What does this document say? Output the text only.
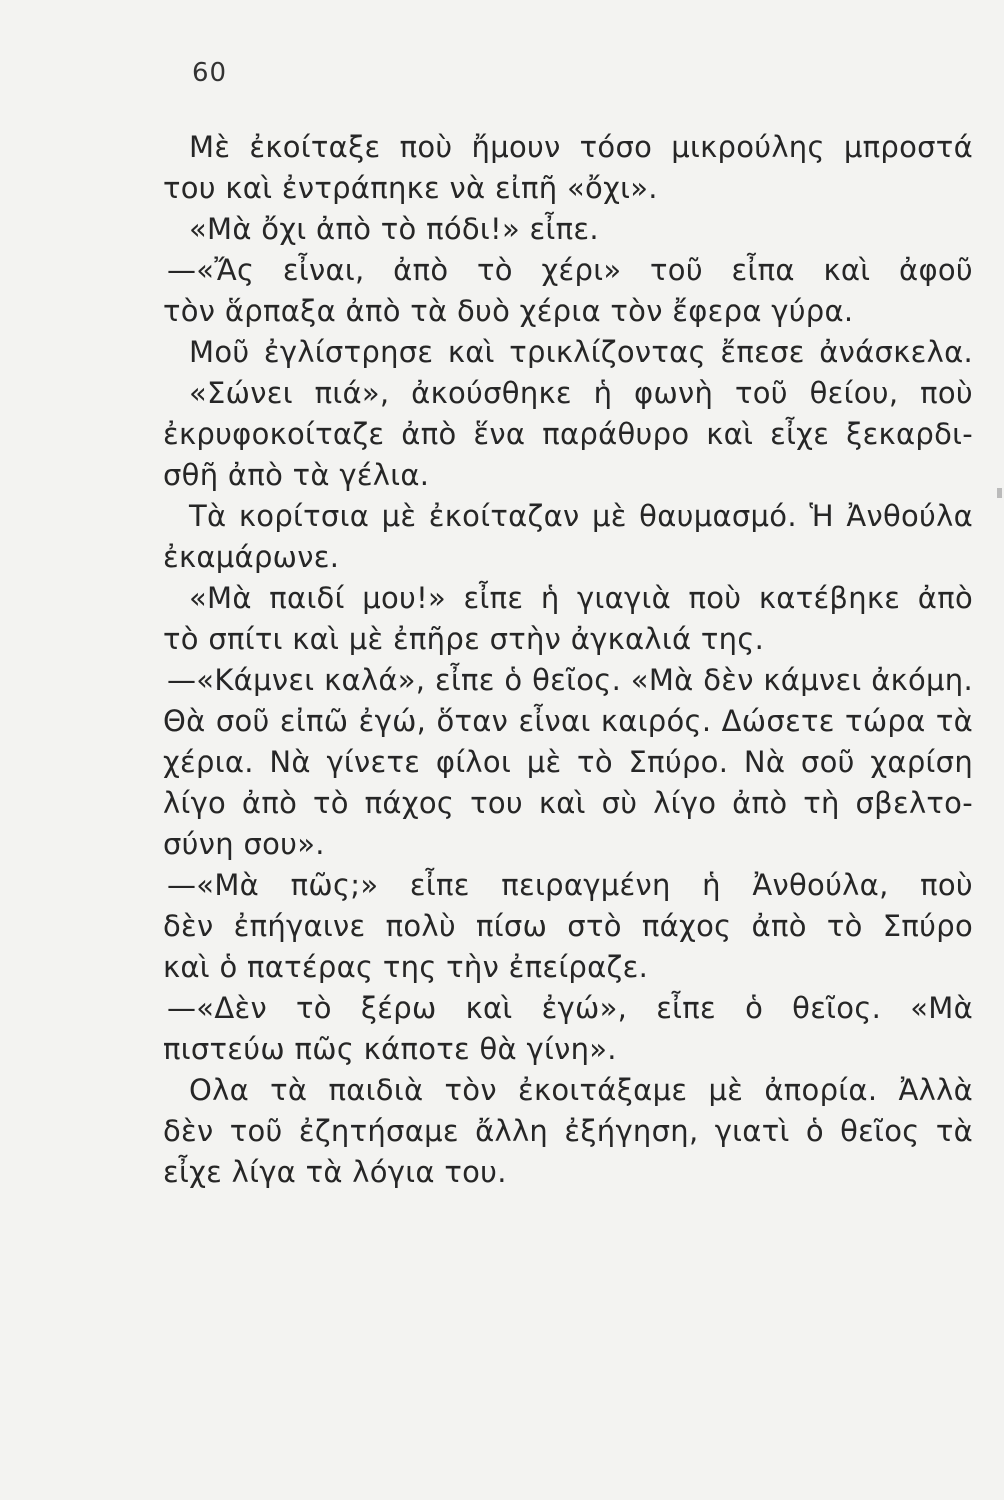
60
Μὲ ἐκοίταξε ποὺ ἤμουν τόσο μικρούλης μπροστά
του καὶ ἐντράπηκε νὰ εἰπῆ «ὄχι».
«Μὰ ὄχι ἀπὸ τὸ πόδι!» εἶπε.
—«Ἄς εἶναι, ἀπὸ τὸ χέρι» τοῦ εἶπα καὶ ἀφοῦ
τὸν ἅρπαξα ἀπὸ τὰ δυὸ χέρια τὸν ἔφερα γύρα.
Μοῦ ἐγλίστρησε καὶ τρικλίζοντας ἔπεσε ἀνάσκελα.
«Σώνει πιά», ἀκούσθηκε ἡ φωνὴ τοῦ θείου, ποὺ
ἐκρυφοκοίταζε ἀπὸ ἕνα παράθυρο καὶ εἶχε ξεκαρδι-
σθῆ ἀπὸ τὰ γέλια.
Τὰ κορίτσια μὲ ἐκοίταζαν μὲ θαυμασμό. Ἡ Ἀνθούλα
ἐκαμάρωνε.
«Μὰ παιδί μου!» εἶπε ἡ γιαγιὰ ποὺ κατέβηκε ἀπὸ
τὸ σπίτι καὶ μὲ ἐπῆρε στὴν ἀγκαλιά της.
—«Κάμνει καλά», εἶπε ὁ θεῖος. «Μὰ δὲν κάμνει ἀκόμη.
Θὰ σοῦ εἰπῶ ἐγώ, ὅταν εἶναι καιρός. Δώσετε τώρα τὰ
χέρια. Νὰ γίνετε φίλοι μὲ τὸ Σπύρο. Νὰ σοῦ χαρίση
λίγο ἀπὸ τὸ πάχος του καὶ σὺ λίγο ἀπὸ τὴ σβελτο-
σύνη σου».
—«Μὰ πῶς;» εἶπε πειραγμένη ἡ Ἀνθούλα, ποὺ
δὲν ἐπήγαινε πολὺ πίσω στὸ πάχος ἀπὸ τὸ Σπύρο
καὶ ὁ πατέρας της τὴν ἐπείραζε.
—«Δὲν τὸ ξέρω καὶ ἐγώ», εἶπε ὁ θεῖος. «Μὰ
πιστεύω πῶς κάποτε θὰ γίνη».
Ολα τὰ παιδιὰ τὸν ἐκοιτάξαμε μὲ ἀπορία. Ἀλλὰ
δὲν τοῦ ἐζητήσαμε ἄλλη ἐξήγηση, γιατὶ ὁ θεῖος τὰ
εἶχε λίγα τὰ λόγια του.
